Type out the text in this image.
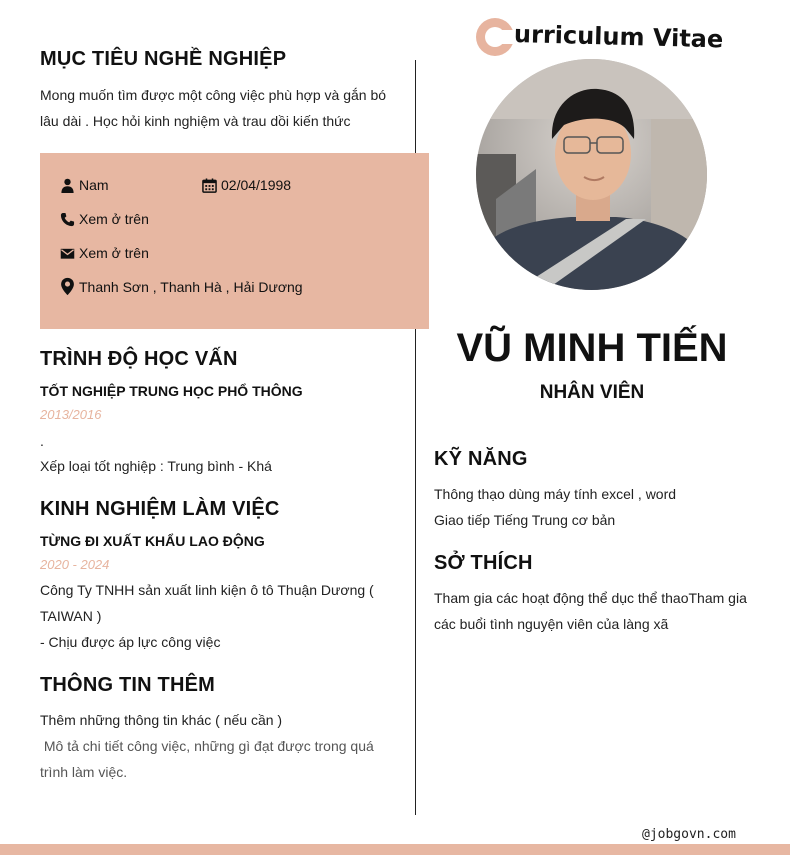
urriculum Vitae
MỤC TIÊU NGHỀ NGHIỆP
Mong muốn tìm được một công việc phù hợp và gắn bó
lâu dài . Học hỏi kinh nghiệm và trau dồi kiến thức
Nam	02/04/1998
Xem ở trên
Xem ở trên
Thanh Sơn , Thanh Hà , Hải Dương
TRÌNH ĐỘ HỌC VẤN
TỐT NGHIỆP TRUNG HỌC PHỔ THÔNG
2013/2016
.
Xếp loại tốt nghiệp : Trung bình - Khá
KINH NGHIỆM LÀM VIỆC
TỪNG ĐI XUẤT KHẨU LAO ĐỘNG
2020 - 2024
Công Ty TNHH sản xuất linh kiện ô tô Thuận Dương (
TAIWAN )
- Chịu được áp lực công việc
THÔNG TIN THÊM
Thêm những thông tin khác ( nếu cần )
Mô tả chi tiết công việc, những gì đạt được trong quá
trình làm việc.
VŨ MINH TIẾN
NHÂN VIÊN
KỸ NĂNG
Thông thạo dùng máy tính excel , word
Giao tiếp Tiếng Trung cơ bản
SỞ THÍCH
Tham gia các hoạt động thể dục thể thaoTham gia
các buổi tình nguyện viên của làng xã
@jobgovn.com
